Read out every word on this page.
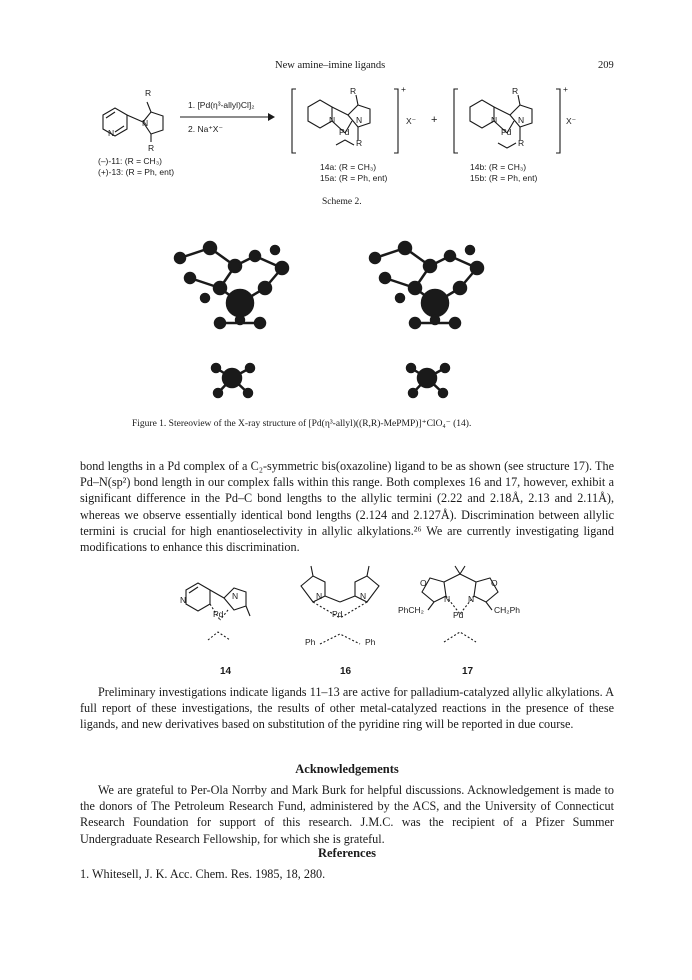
New amine–imine ligands	209
R
N
N
R
1. [Pd(η³-allyl)Cl]₂
2. Na⁺X⁻
(–)-11: (R = CH₃)
(+)-13: (R = Ph, ent)
R
N N
Pd
R
+
X⁻ +
R
N N
Pd
R
+
X⁻
14a: (R = CH₃)
15a: (R = Ph, ent)
14b: (R = CH₃)
15b: (R = Ph, ent)
Scheme 2.
Figure 1. Stereoview of the X-ray structure of [Pd(η³-allyl)((R,R)-MePMP)]⁺ClO₄⁻ (14).

bond lengths in a Pd complex of a C₂-symmetric bis(oxazoline) ligand to be as shown (see structure 17). The Pd–N(sp²) bond length in our complex falls within this range. Both complexes 16 and 17, however, exhibit a significant difference in the Pd–C bond lengths to the allylic termini (2.22 and 2.18Å, 2.13 and 2.11Å), whereas we observe essentially identical bond lengths (2.124 and 2.127Å). Discrimination between allylic termini is crucial for high enantioselectivity in allylic alkylations.²⁶ We are currently investigating ligand modifications to enhance this discrimination.

N	N
Pd
N	N
Pd
Ph	Ph
O	O
N N
Pd
PhCH₂	CH₂Ph
14	16	17

Preliminary investigations indicate ligands 11–13 are active for palladium-catalyzed allylic alkylations. A full report of these investigations, the results of other metal-catalyzed reactions in the presence of these ligands, and new derivatives based on substitution of the pyridine ring will be reported in due course.

Acknowledgements

We are grateful to Per-Ola Norrby and Mark Burk for helpful discussions. Acknowledgement is made to the donors of The Petroleum Research Fund, administered by the ACS, and the University of Connecticut Research Foundation for support of this research. J.M.C. was the recipient of a Pfizer Summer Undergraduate Research Fellowship, for which she is grateful.

References

1. Whitesell, J. K. Acc. Chem. Res. 1985, 18, 280.
